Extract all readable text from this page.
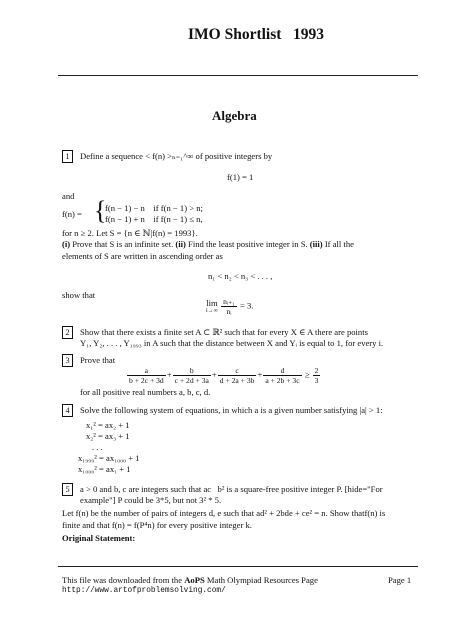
IMO Shortlist   1993
Algebra
1	Define a sequence < f(n) >ₙ₌₁^∞ of positive integers by
f(1) = 1
and
f(n) = {
f(n − 1) − n    if f(n − 1) > n;
f(n − 1) + n    if f(n − 1) ≤ n,
for n ≥ 2. Let S = {n ∈ ℕ|f(n) = 1993}.
(i) Prove that S is an infinite set. (ii) Find the least positive integer in S. (iii) If all the
elements of S are written in ascending order as
n₁ < n₂ < n₃ < . . . ,
show that
lim
i→∞
$\frac{\text{nᵢ₊₁}}{\text{nᵢ}} = 3$.
2	Show that there exists a finite set A ⊂ ℝ² such that for every X ∈ A there are points
Y₁, Y₂, . . . , Y₁₉₉₃ in A such that the distance between X and Yᵢ is equal to 1, for every i.
3	Prove that
$\frac{a}{b + 2c + 3d} + \frac{b}{c + 2d + 3a} + \frac{c}{d + 2a + 3b} + \frac{d}{a + 2b + 3c} \ge \frac{2}{3}$
for all positive real numbers a, b, c, d.
4	Solve the following system of equations, in which a is a given number satisfying |a| > 1:
x₁² = ax₂ + 1
x₂² = ax₃ + 1
. . .
x₁₉₉₉² = ax₁₀₀₀ + 1
x₁₀₀₀² = ax₁ + 1
5	a > 0 and b, c are integers such that ac   b² is a square-free positive integer P. [hide="For
example"] P could be 3*5, but not 3² * 5.
Let f(n) be the number of pairs of integers d, e such that ad² + 2bde + ce² = n. Show thatf(n) is
finite and that f(n) = f(P⁴n) for every positive integer k.
Original Statement:
This file was downloaded from the AoPS Math Olympiad Resources Page	Page 1
http://www.artofproblemsolving.com/
